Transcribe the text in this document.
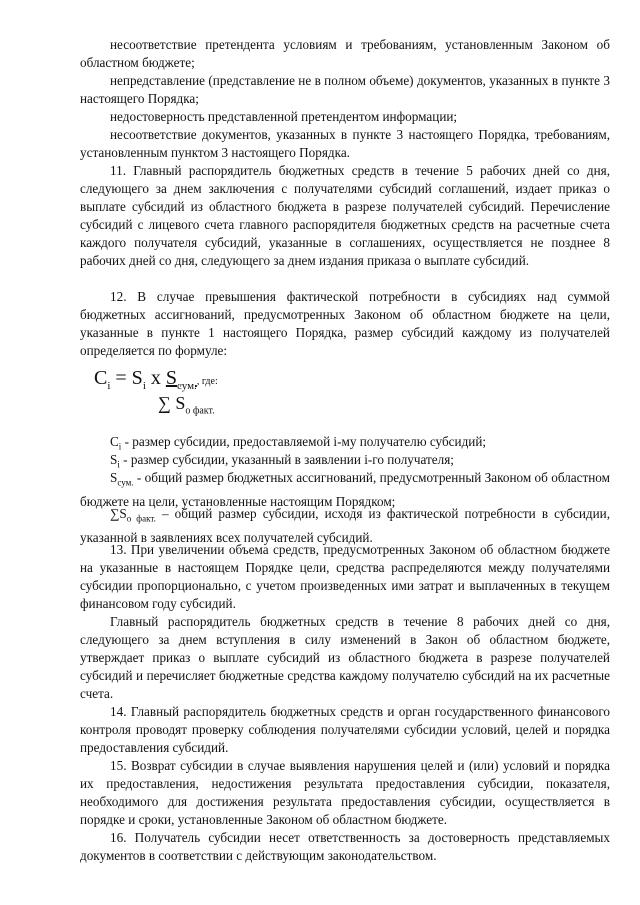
несоответствие претендента условиям и требованиям, установленным Законом об областном бюджете;

непредставление (представление не в полном объеме) документов, указанных в пункте 3 настоящего Порядка;

недостоверность представленной претендентом информации;

несоответствие документов, указанных в пункте 3 настоящего Порядка, требованиям, установленным пунктом 3 настоящего Порядка.

11. Главный распорядитель бюджетных средств в течение 5 рабочих дней со дня, следующего за днем заключения с получателями субсидий соглашений, издает приказ о выплате субсидий из областного бюджета в разрезе получателей субсидий. Перечисление субсидий с лицевого счета главного распорядителя бюджетных средств на расчетные счета каждого получателя субсидий, указанные в соглашениях, осуществляется не позднее 8 рабочих дней со дня, следующего за днем издания приказа о выплате субсидий.

12. В случае превышения фактической потребности в субсидиях над суммой бюджетных ассигнований, предусмотренных Законом об областном бюджете на цели, указанные в пункте 1 настоящего Порядка, размер субсидий каждому из получателей определяется по формуле:

$C_i = S_i$ x $S_{сум.}$, где:
∑ $S_{о факт.}$

$C_i$ - размер субсидии, предоставляемой i-му получателю субсидий;

$S_i$ - размер субсидии, указанный в заявлении i-го получателя;

$S_{сум.}$ - общий размер бюджетных ассигнований, предусмотренный Законом об областном бюджете на цели, установленные настоящим Порядком;

$\sum S_{о факт.}$ – общий размер субсидии, исходя из фактической потребности в субсидии, указанной в заявлениях всех получателей субсидий.

13. При увеличении объема средств, предусмотренных Законом об областном бюджете на указанные в настоящем Порядке цели, средства распределяются между получателями субсидии пропорционально, с учетом произведенных ими затрат и выплаченных в текущем финансовом году субсидий.

Главный распорядитель бюджетных средств в течение 8 рабочих дней со дня, следующего за днем вступления в силу изменений в Закон об областном бюджете, утверждает приказ о выплате субсидий из областного бюджета в разрезе получателей субсидий и перечисляет бюджетные средства каждому получателю субсидий на их расчетные счета.

14. Главный распорядитель бюджетных средств и орган государственного финансового контроля проводят проверку соблюдения получателями субсидии условий, целей и порядка предоставления субсидий.

15. Возврат субсидии в случае выявления нарушения целей и (или) условий и порядка их предоставления, недостижения результата предоставления субсидии, показателя, необходимого для достижения результата предоставления субсидии, осуществляется в порядке и сроки, установленные Законом об областном бюджете.

16. Получатель субсидии несет ответственность за достоверность представляемых документов в соответствии с действующим законодательством.
